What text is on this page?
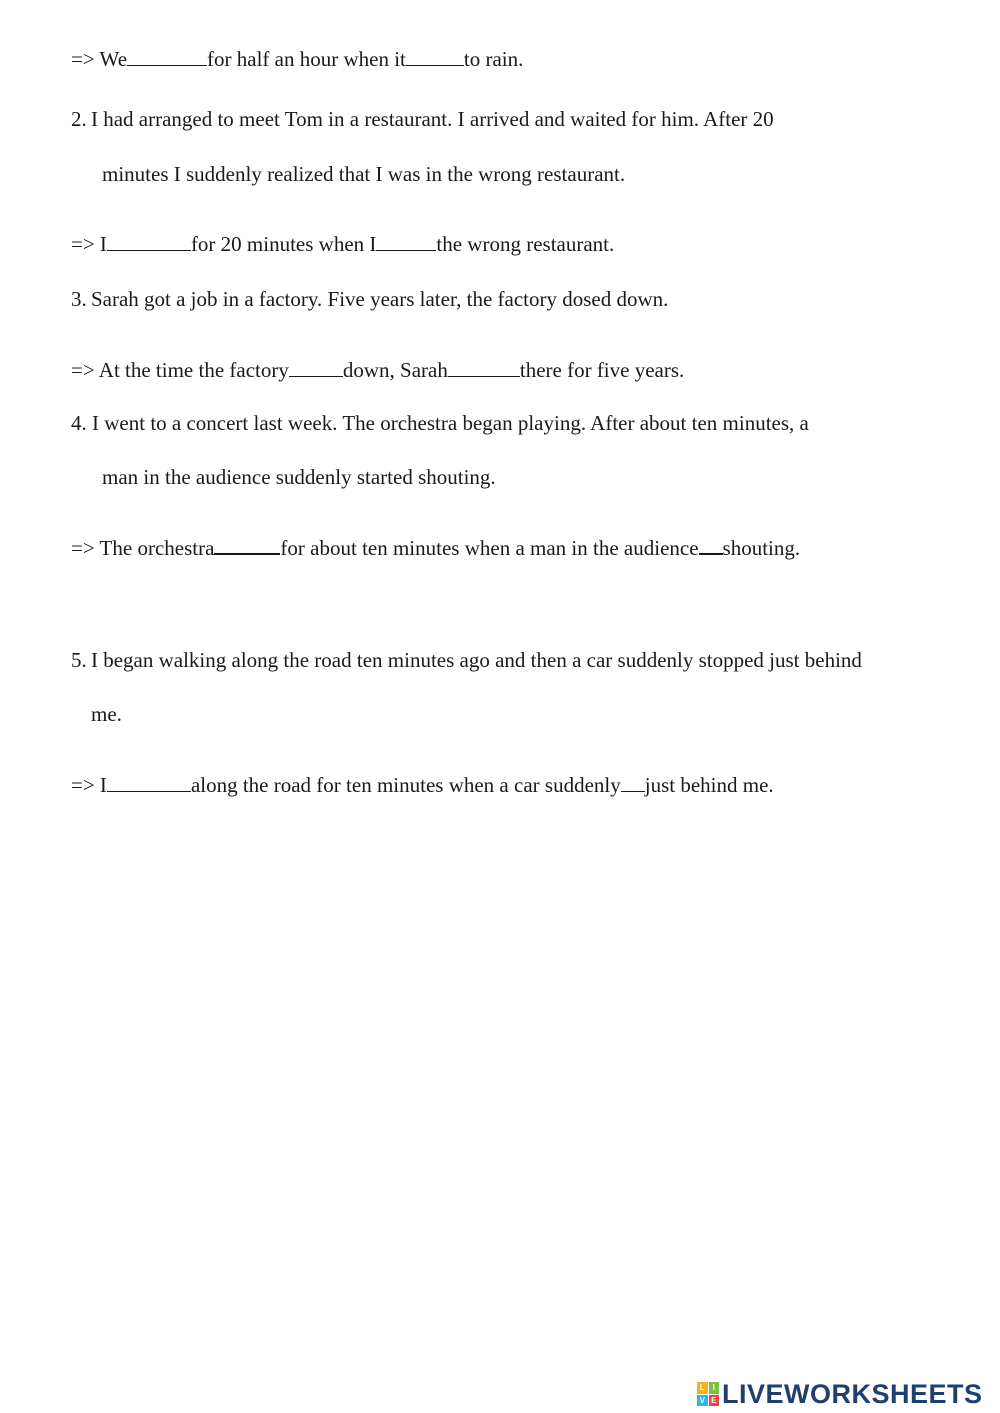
=> We	for half an hour when it	to rain.
2. I had arranged to meet Tom in a restaurant. I arrived and waited for him. After 20
minutes I suddenly realized that I was in the wrong restaurant.
=> I	for 20 minutes when I	the wrong restaurant.
3. Sarah got a job in a factory. Five years later, the factory dosed down.
=> At the time the factory	down, Sarah	there for five years.
4. I went to a concert last week. The orchestra began playing. After about ten minutes, a
man in the audience suddenly started shouting.
=> The orchestra	for about ten minutes when a man in the audience shouting.
5. I began walking along the road ten minutes ago and then a car suddenly stopped just behind
me.
=> I	along the road for ten minutes when a car suddenly just behind me.
L I
V E LIVEWORKSHEETS
